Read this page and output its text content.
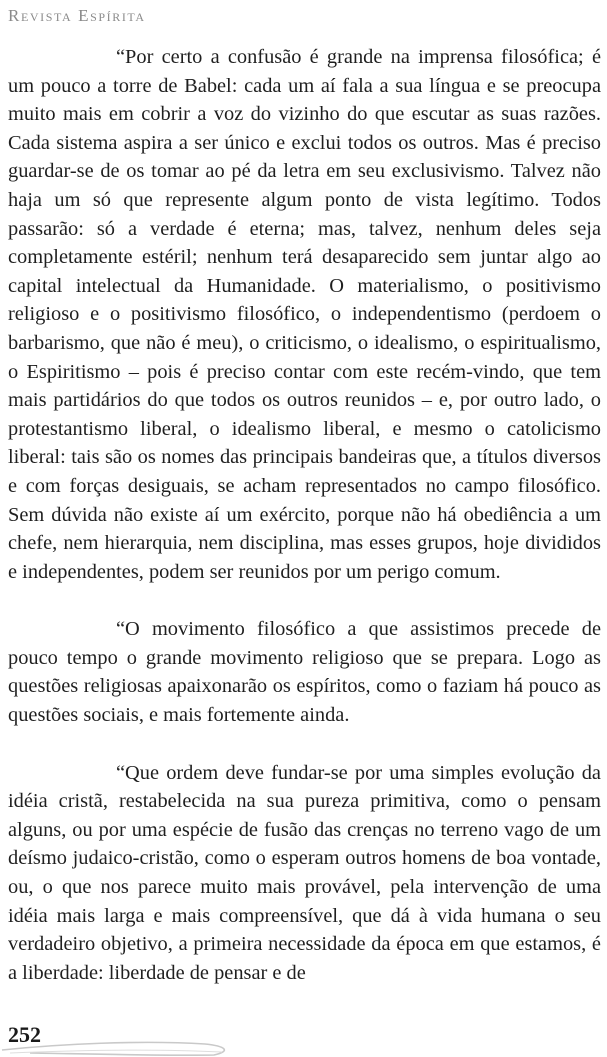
Revista Espírita

“Por certo a confusão é grande na imprensa filosófica; é um pouco a torre de Babel: cada um aí fala a sua língua e se preocupa muito mais em cobrir a voz do vizinho do que escutar as suas razões. Cada sistema aspira a ser único e exclui todos os outros. Mas é preciso guardar-se de os tomar ao pé da letra em seu exclusivismo. Talvez não haja um só que represente algum ponto de vista legítimo. Todos passarão: só a verdade é eterna; mas, talvez, nenhum deles seja completamente estéril; nenhum terá desaparecido sem juntar algo ao capital intelectual da Humanidade. O materialismo, o positivismo religioso e o positivismo filosófico, o independentismo (perdoem o barbarismo, que não é meu), o criticismo, o idealismo, o espiritualismo, o Espiritismo – pois é preciso contar com este recém-vindo, que tem mais partidários do que todos os outros reunidos – e, por outro lado, o protestantismo liberal, o idealismo liberal, e mesmo o catolicismo liberal: tais são os nomes das principais bandeiras que, a títulos diversos e com forças desiguais, se acham representados no campo filosófico. Sem dúvida não existe aí um exército, porque não há obediência a um chefe, nem hierarquia, nem disciplina, mas esses grupos, hoje divididos e independentes, podem ser reunidos por um perigo comum.

“O movimento filosófico a que assistimos precede de pouco tempo o grande movimento religioso que se prepara. Logo as questões religiosas apaixonarão os espíritos, como o faziam há pouco as questões sociais, e mais fortemente ainda.

“Que ordem deve fundar-se por uma simples evolução da idéia cristã, restabelecida na sua pureza primitiva, como o pensam alguns, ou por uma espécie de fusão das crenças no terreno vago de um deísmo judaico-cristão, como o esperam outros homens de boa vontade, ou, o que nos parece muito mais provável, pela intervenção de uma idéia mais larga e mais compreensível, que dá à vida humana o seu verdadeiro objetivo, a primeira necessidade da época em que estamos, é a liberdade: liberdade de pensar e de

252
